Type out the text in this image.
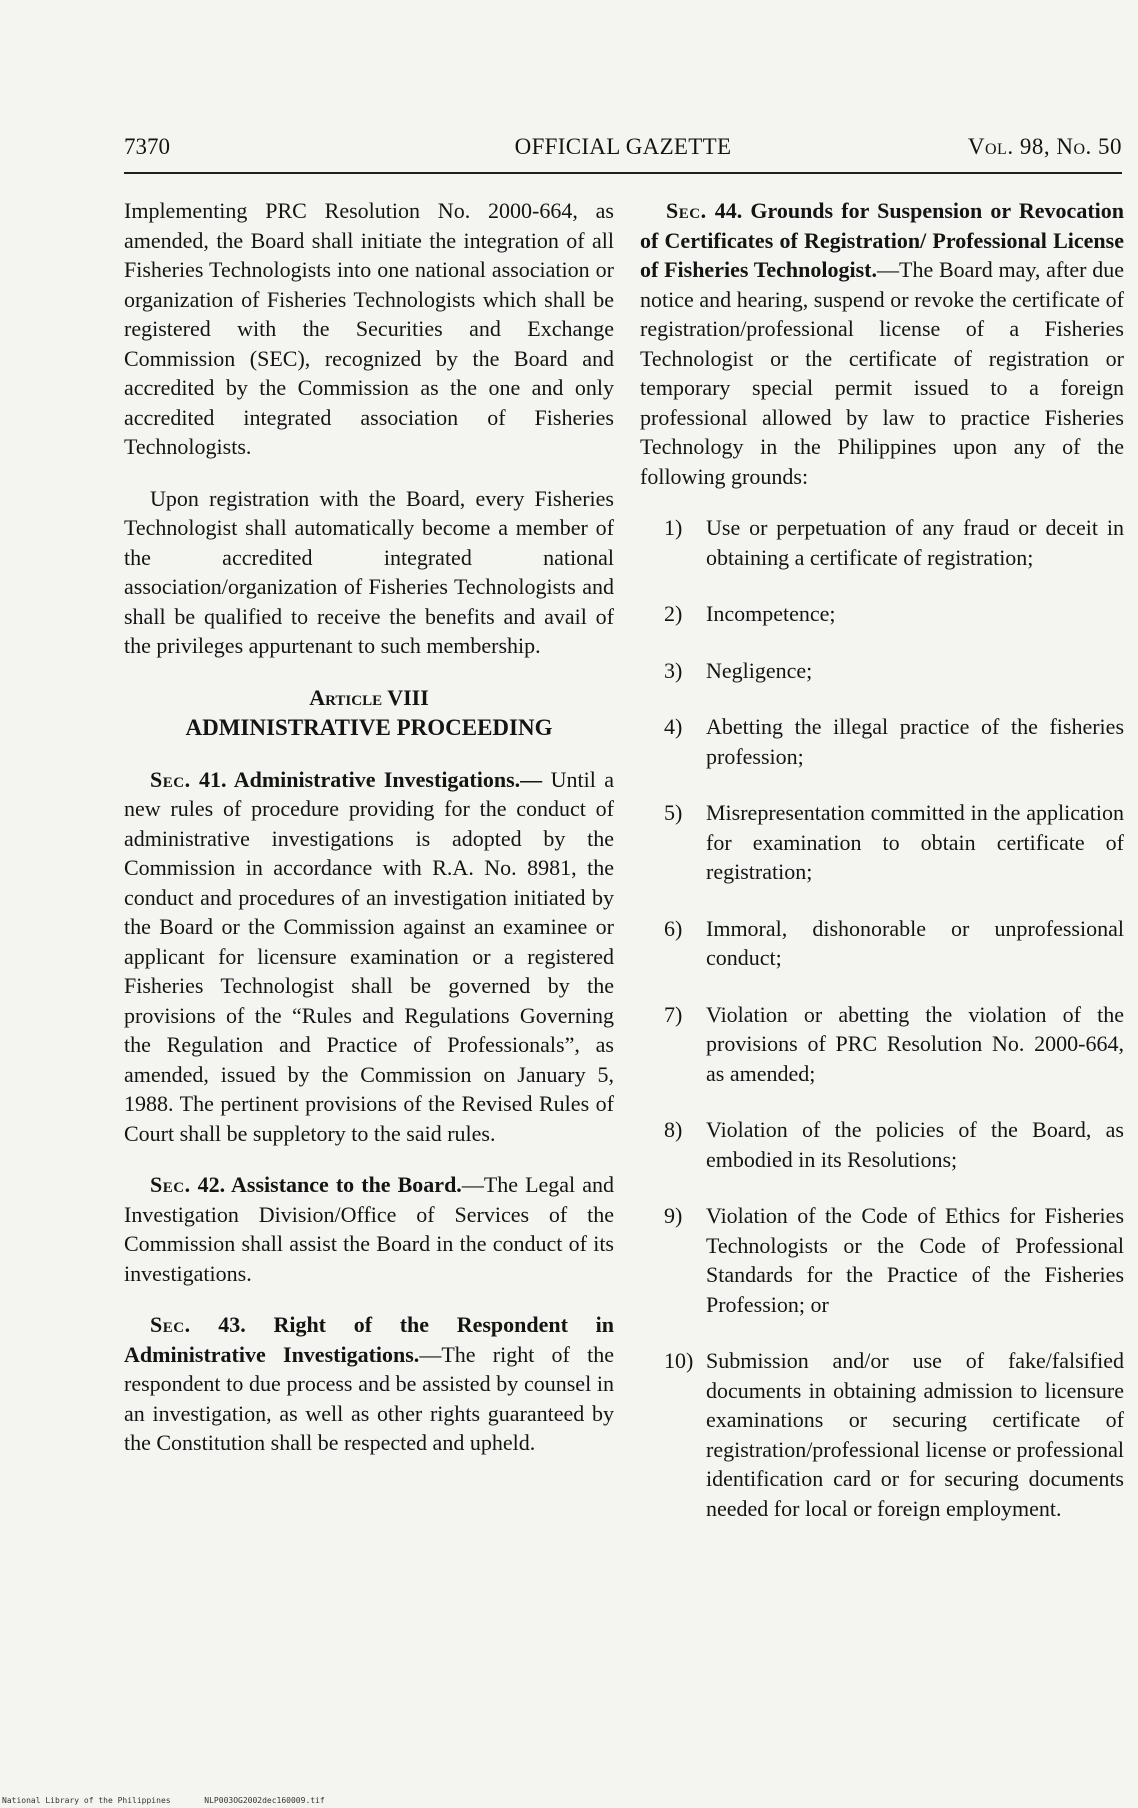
7370	OFFICIAL GAZETTE	Vol. 98, No. 50

Implementing PRC Resolution No. 2000-664, as amended, the Board shall initiate the integration of all Fisheries Technologists into one national association or organization of Fisheries Technologists which shall be registered with the Securities and Exchange Commission (SEC), recognized by the Board and accredited by the Commission as the one and only accredited integrated association of Fisheries Technologists.

Upon registration with the Board, every Fisheries Technologist shall automatically become a member of the accredited integrated national association/organization of Fisheries Technologists and shall be qualified to receive the benefits and avail of the privileges appurtenant to such membership.

Article VIII
ADMINISTRATIVE PROCEEDING

Sec. 41. Administrative Investigations.— Until a new rules of procedure providing for the conduct of administrative investigations is adopted by the Commission in accordance with R.A. No. 8981, the conduct and procedures of an investigation initiated by the Board or the Commission against an examinee or applicant for licensure examination or a registered Fisheries Technologist shall be governed by the provisions of the “Rules and Regulations Governing the Regulation and Practice of Professionals”, as amended, issued by the Commission on January 5, 1988. The pertinent provisions of the Revised Rules of Court shall be suppletory to the said rules.

Sec. 42. Assistance to the Board.—The Legal and Investigation Division/Office of Services of the Commission shall assist the Board in the conduct of its investigations.

Sec. 43. Right of the Respondent in Administrative Investigations.—The right of the respondent to due process and be assisted by counsel in an investigation, as well as other rights guaranteed by the Constitution shall be respected and upheld.

Sec. 44. Grounds for Suspension or Revocation of Certificates of Registration/ Professional License of Fisheries Technologist.—The Board may, after due notice and hearing, suspend or revoke the certificate of registration/professional license of a Fisheries Technologist or the certificate of registration or temporary special permit issued to a foreign professional allowed by law to practice Fisheries Technology in the Philippines upon any of the following grounds:

1)	Use or perpetuation of any fraud or deceit in obtaining a certificate of registration;
2)	Incompetence;
3)	Negligence;
4)	Abetting the illegal practice of the fisheries profession;
5)	Misrepresentation committed in the application for examination to obtain certificate of registration;
6)	Immoral, dishonorable or unprofessional conduct;
7)	Violation or abetting the violation of the provisions of PRC Resolution No. 2000-664, as amended;
8)	Violation of the policies of the Board, as embodied in its Resolutions;
9)	Violation of the Code of Ethics for Fisheries Technologists or the Code of Professional Standards for the Practice of the Fisheries Profession; or
10) Submission and/or use of fake/falsified documents in obtaining admission to licensure examinations or securing certificate of registration/professional license or professional identification card or for securing documents needed for local or foreign employment.
National Library of the Philippines	NLP003OG2002dec160009.tif
